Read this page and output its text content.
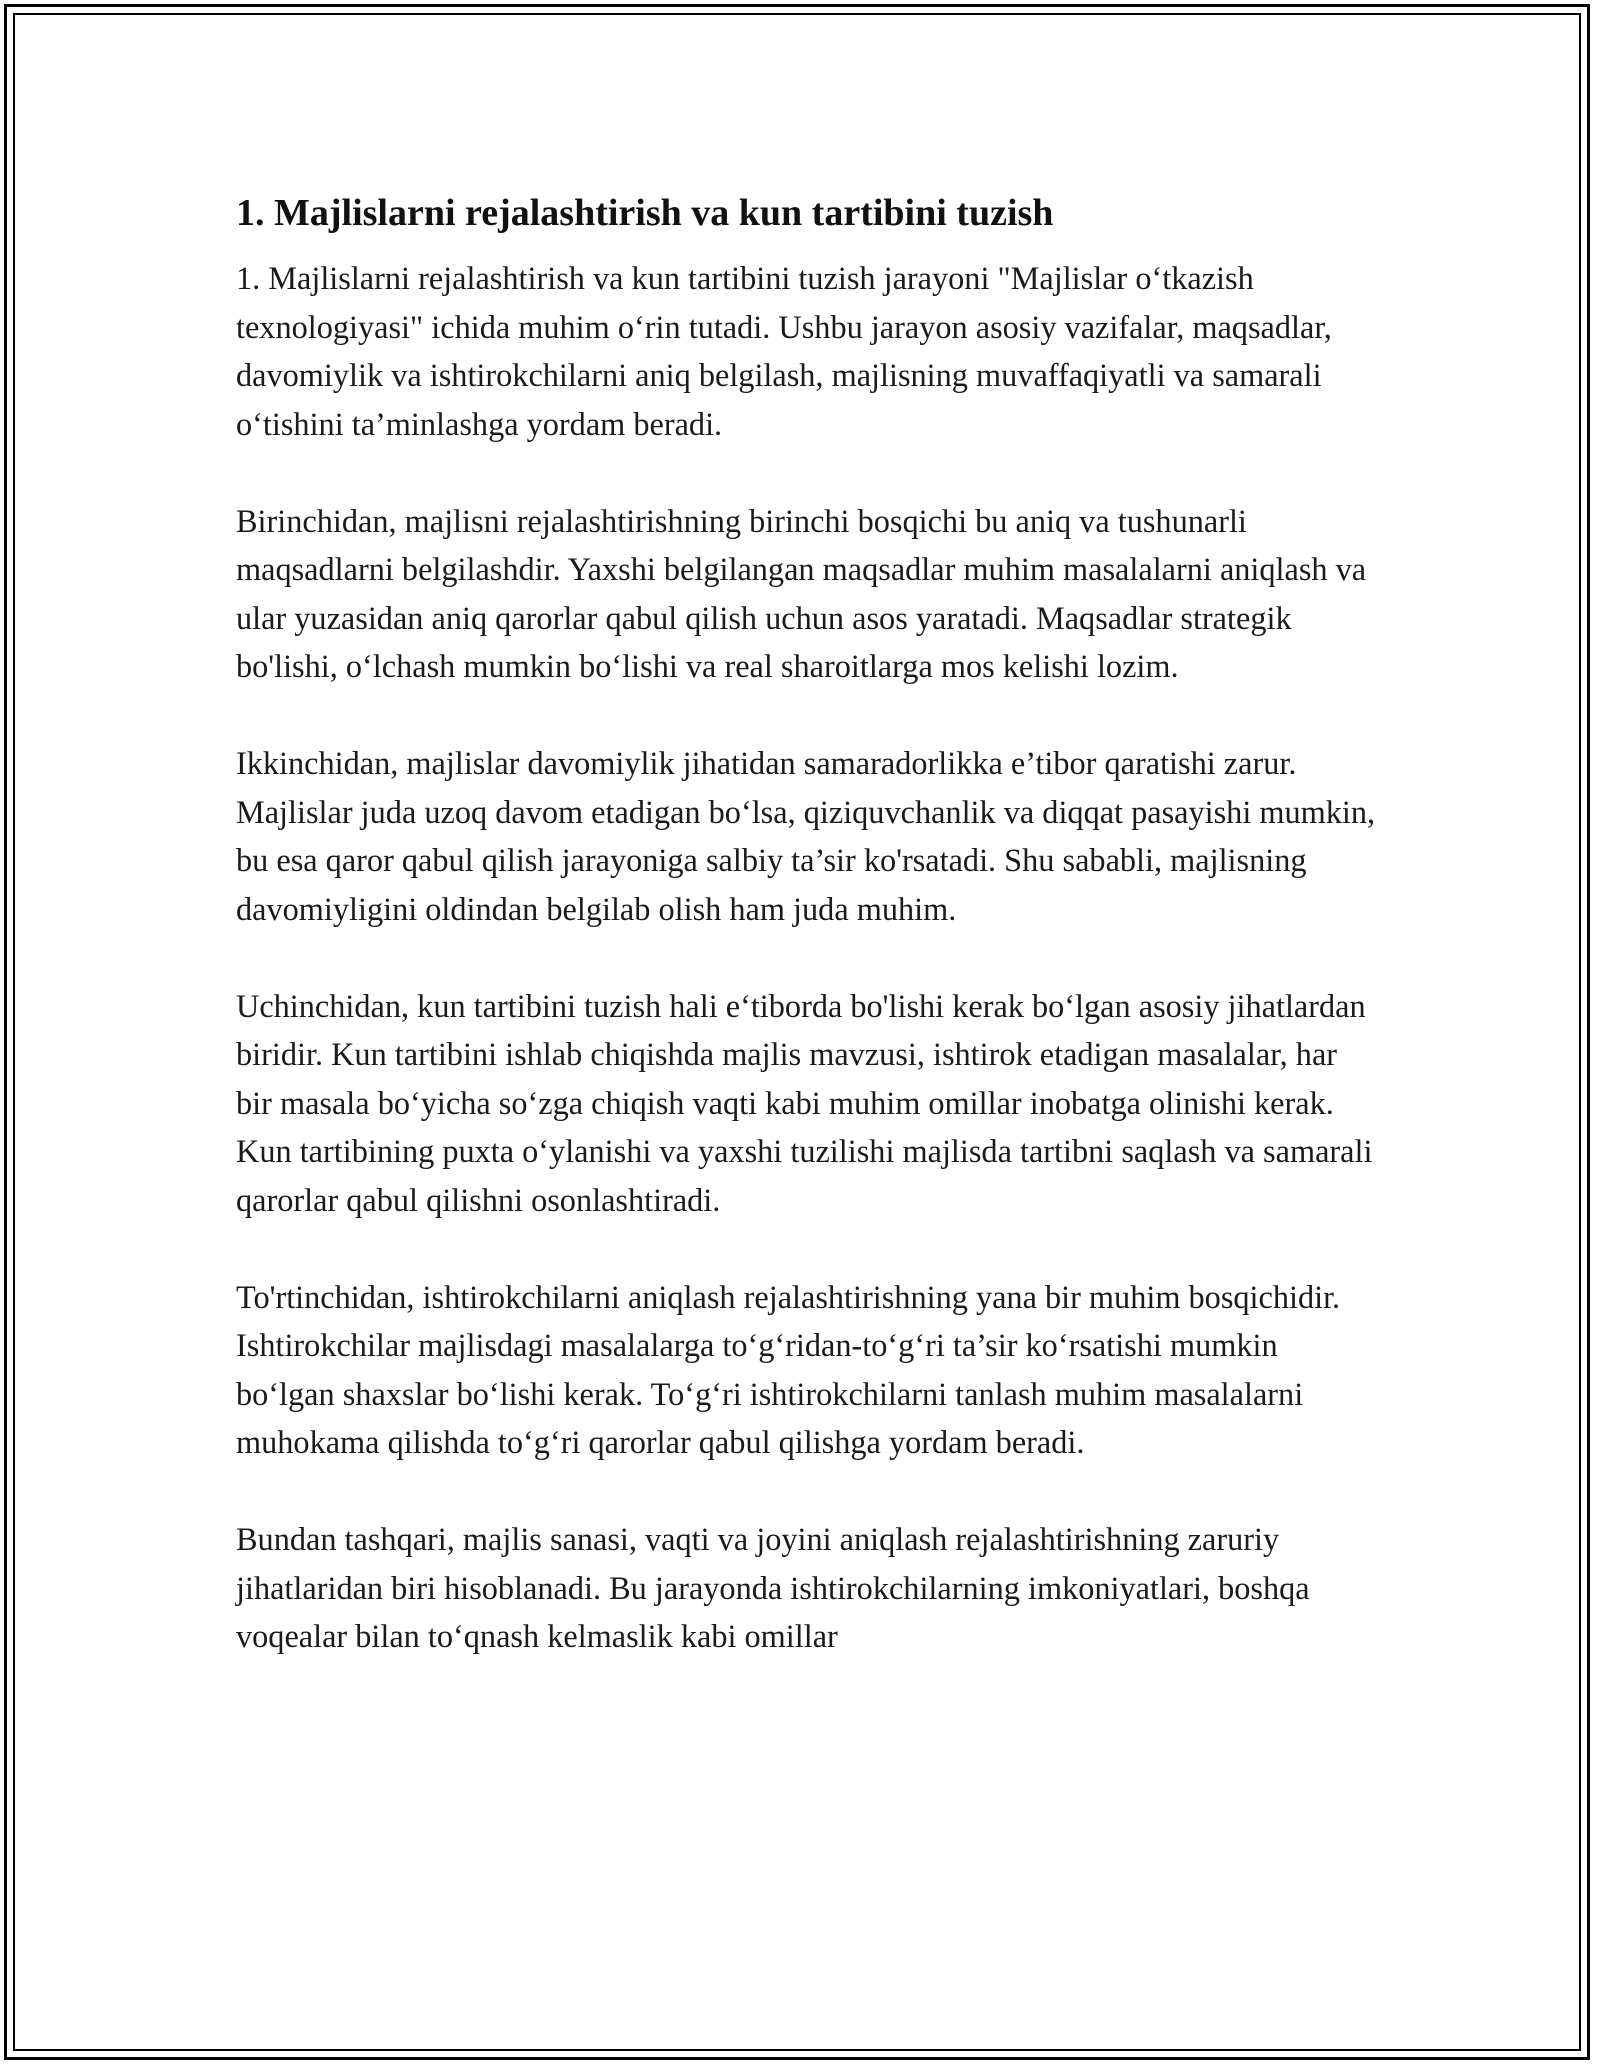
1. Majlislarni rejalashtirish va kun tartibini tuzish

1. Majlislarni rejalashtirish va kun tartibini tuzish jarayoni "Majlislar o‘tkazish texnologiyasi" ichida muhim o‘rin tutadi. Ushbu jarayon asosiy vazifalar, maqsadlar, davomiylik va ishtirokchilarni aniq belgilash, majlisning muvaffaqiyatli va samarali o‘tishini ta’minlashga yordam beradi.

Birinchidan, majlisni rejalashtirishning birinchi bosqichi bu aniq va tushunarli maqsadlarni belgilashdir. Yaxshi belgilangan maqsadlar muhim masalalarni aniqlash va ular yuzasidan aniq qarorlar qabul qilish uchun asos yaratadi. Maqsadlar strategik bo'lishi, o‘lchash mumkin bo‘lishi va real sharoitlarga mos kelishi lozim.

Ikkinchidan, majlislar davomiylik jihatidan samaradorlikka e’tibor qaratishi zarur. Majlislar juda uzoq davom etadigan bo‘lsa, qiziquvchanlik va diqqat pasayishi mumkin, bu esa qaror qabul qilish jarayoniga salbiy ta’sir ko'rsatadi. Shu sababli, majlisning davomiyligini oldindan belgilab olish ham juda muhim.

Uchinchidan, kun tartibini tuzish hali e‘tiborda bo'lishi kerak bo‘lgan asosiy jihatlardan biridir. Kun tartibini ishlab chiqishda majlis mavzusi, ishtirok etadigan masalalar, har bir masala bo‘yicha so‘zga chiqish vaqti kabi muhim omillar inobatga olinishi kerak. Kun tartibining puxta o‘ylanishi va yaxshi tuzilishi majlisda tartibni saqlash va samarali qarorlar qabul qilishni osonlashtiradi.

To'rtinchidan, ishtirokchilarni aniqlash rejalashtirishning yana bir muhim bosqichidir. Ishtirokchilar majlisdagi masalalarga to‘g‘ridan-to‘g‘ri ta’sir ko‘rsatishi mumkin bo‘lgan shaxslar bo‘lishi kerak. To‘g‘ri ishtirokchilarni tanlash muhim masalalarni muhokama qilishda to‘g‘ri qarorlar qabul qilishga yordam beradi.

Bundan tashqari, majlis sanasi, vaqti va joyini aniqlash rejalashtirishning zaruriy jihatlaridan biri hisoblanadi. Bu jarayonda ishtirokchilarning imkoniyatlari, boshqa voqealar bilan to‘qnash kelmaslik kabi omillar
